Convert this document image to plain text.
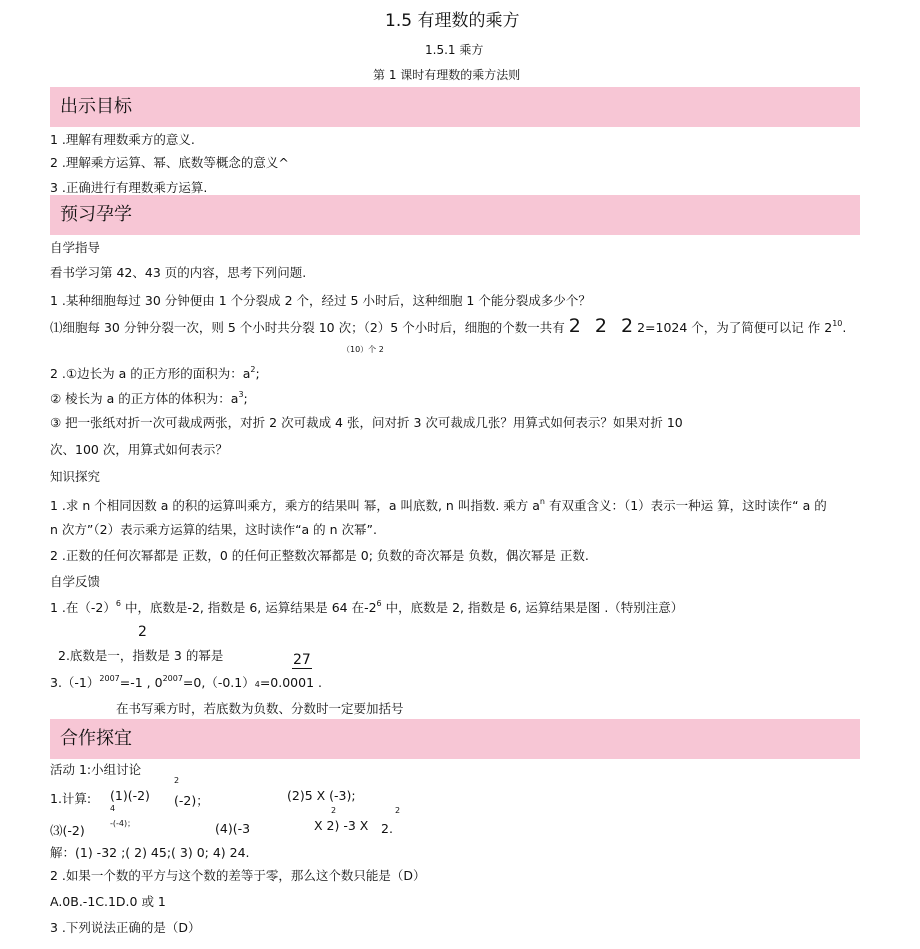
1.5 有理数的乘方
1.5.1 乘方
第 1 课时有理数的乘方法则
出示目标
1 .理解有理数乘方的意义.
2 .理解乘方运算、幂、底数等概念的意义^
3 .正确进行有理数乘方运算.
预习孕学
自学指导
看书学习第 42、43 页的内容，思考下列问题.
1 .某种细胞每过 30 分钟便由 1 个分裂成 2 个，经过 5 小时后，这种细胞 1 个能分裂成多少个？
⑴细胞每 30 分钟分裂一次，则 5 个小时共分裂 10 次；（2）5 个小时后，细胞的个数一共有 2 2 22=1024 个，为了简便可以记 作 $2^{10}$.
（10）个 2
2 .①边长为 a 的正方形的面积为：$a^2$;
② 棱长为 a 的正方体的体积为：$a^3$;
③ 把一张纸对折一次可裁成两张，对折 2 次可裁成 4 张，问对折 3 次可裁成几张？用算式如何表示？如果对折 10
次、100 次，用算式如何表示？
知识探究
1 .求 n 个相同因数 a 的积的运算叫乘方，乘方的结果叫 幂，a 叫底数, n 叫指数. 乘方 $a^n$ 有双重含义：（1）表示一种运 算，这时读作“ a 的
n 次方”（2）表示乘方运算的结果，这时读作“a 的 n 次幂”.
2 .正数的任何次幂都是 正数，0 的任何正整数次幂都是 0; 负数的奇次幂是 负数，偶次幂是 正数.
自学反馈
1 .在$(-2)^6$ 中，底数是-2, 指数是 6, 运算结果是 64 在$-2^6$ 中，底数是 2, 指数是 6, 运算结果是图 .（特别注意）
2
2.底数是一，指数是 3 的幂是	27
$3.(-1)^{2007}=-1$ , $0^{2007}=0,(-0.1)4=0.0001$ .
在书写乘方时，若底数为负数、分数时一定要加括号
合作探宜
活动 1:小组讨论
1.计算: (1)(-2)
4
2
(-2)；	(2)5 X (-3);
⑶(-2)	-(-4)；	(4)(-3
2
X 2) -3 X
2
2.
解：(1) -32 ;( 2) 45;( 3) 0; 4) 24.
2 .如果一个数的平方与这个数的差等于零，那么这个数只能是（D）
A.0B.-1C.1D.0 或 1
3 .下列说法正确的是（D）
